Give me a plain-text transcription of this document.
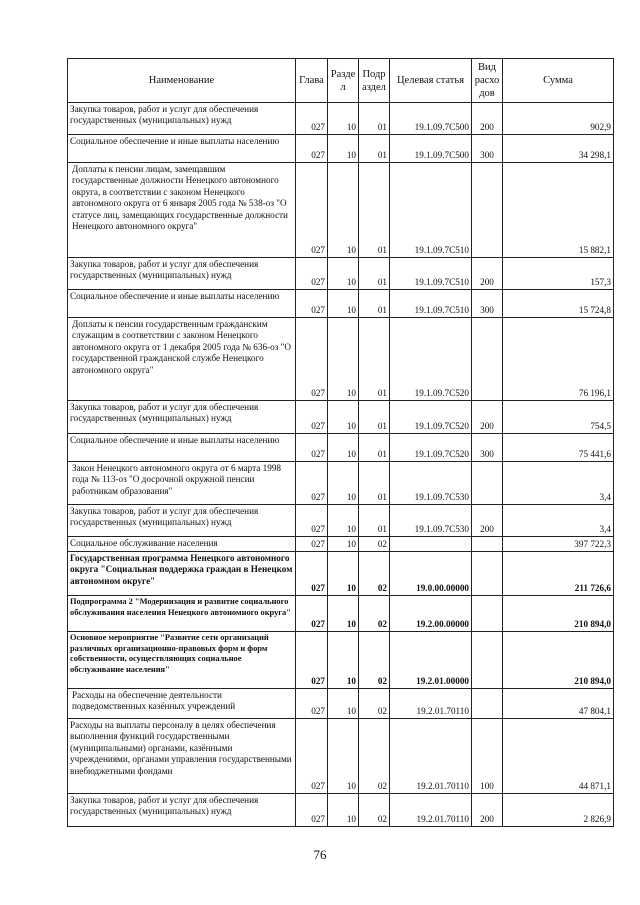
Наименование	Глава	Разде л	Подр аздел	Целевая статья	Вид расхо дов	Сумма
Закупка товаров, работ и услуг для обеспечения государственных (муниципальных) нужд	027	10	01	19.1.09.7С500	200	902,9
Социальное обеспечение и иные выплаты населению	027	10	01	19.1.09.7С500	300	34 298,1
Доплаты к пенсии лицам, замещавшим государственные должности Ненецкого автономного округа, в соответствии с законом Ненецкого автономного округа от 6 января 2005 года № 538-оз "О статусе лиц, замещающих государственные должности Ненецкого автономного округа"	027	10	01	19.1.09.7С510		15 882,1
Закупка товаров, работ и услуг для обеспечения государственных (муниципальных) нужд	027	10	01	19.1.09.7С510	200	157,3
Социальное обеспечение и иные выплаты населению	027	10	01	19.1.09.7С510	300	15 724,8
Доплаты к пенсии государственным гражданским служащим в соответствии с законом Ненецкого автономного округа от 1 декабря 2005 года № 636-оз "О государственной гражданской службе Ненецкого автономного округа"	027	10	01	19.1.09.7С520		76 196,1
Закупка товаров, работ и услуг для обеспечения государственных (муниципальных) нужд	027	10	01	19.1.09.7С520	200	754,5
Социальное обеспечение и иные выплаты населению	027	10	01	19.1.09.7С520	300	75 441,6
Закон Ненецкого автономного округа от 6 марта 1998 года № 113-оз "О досрочной окружной пенсии работникам образования"	027	10	01	19.1.09.7С530		3,4
Закупка товаров, работ и услуг для обеспечения государственных (муниципальных) нужд	027	10	01	19.1.09.7С530	200	3,4
Социальное обслуживание населения	027	10	02			397 722,3
Государственная программа Ненецкого автономного округа "Социальная поддержка граждан в Ненецком автономном округе"	027	10	02	19.0.00.00000		211 726,6
Подпрограмма 2 "Модернизация и развитие социального обслуживания населения Ненецкого автономного округа"	027	10	02	19.2.00.00000		210 894,0
Основное мероприятие "Развитие сети организаций различных организационно-правовых форм и форм собственности, осуществляющих социальное обслуживание населения"	027	10	02	19.2.01.00000		210 894,0
Расходы на обеспечение деятельности подведомственных казённых учреждений	027	10	02	19.2.01.70110		47 804,1
Расходы на выплаты персоналу в целях обеспечения выполнения функций государственными (муниципальными) органами, казёнными учреждениями, органами управления государственными внебюджетными фондами	027	10	02	19.2.01.70110	100	44 871,1
Закупка товаров, работ и услуг для обеспечения государственных (муниципальных) нужд	027	10	02	19.2.01.70110	200	2 826,9
76
